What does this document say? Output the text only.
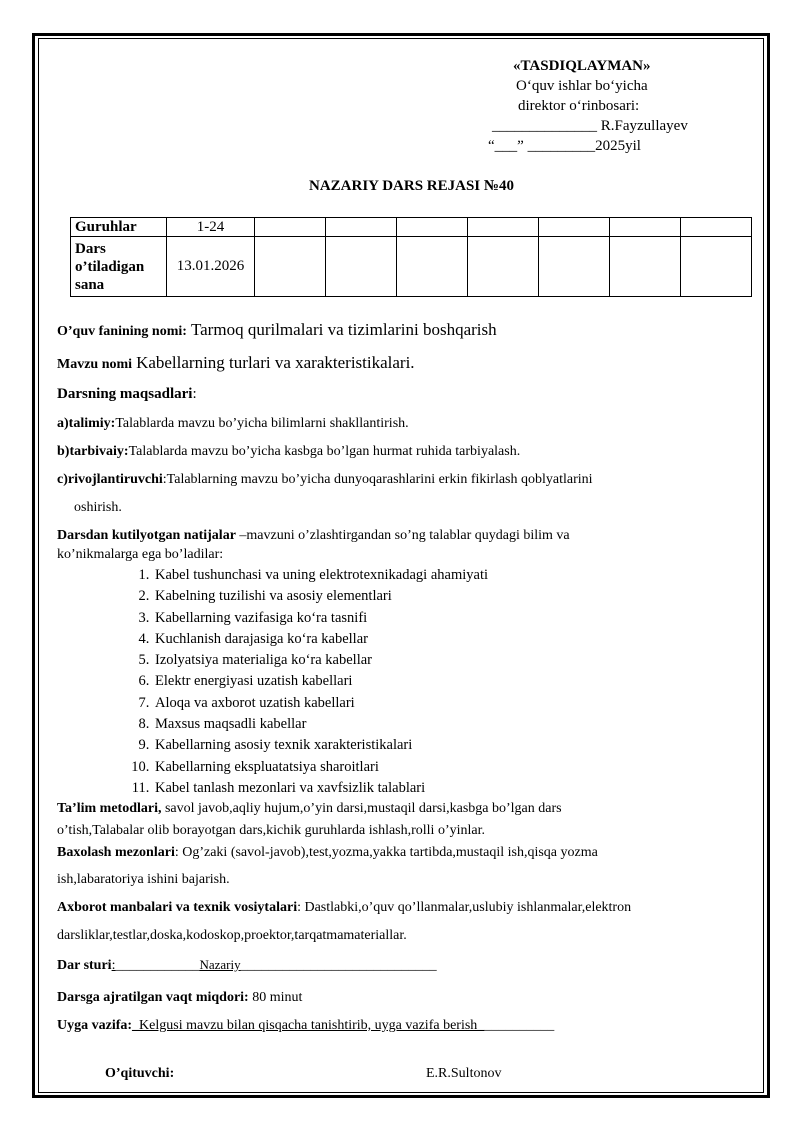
«TASDIQLAYMAN»
O‘quv ishlar bo‘yicha
direktor o‘rinbosari:
______________ R.Fayzullayev
“___” _________2025yil
NAZARIY DARS REJASI №40
Guruhlar	1-24							

Dars
o’tiladigan
sana	13.01.2026							
O’quv fanining nomi: Tarmoq qurilmalari va tizimlarini boshqarish
Mavzu nomi Kabellarning turlari va xarakteristikalari.
Darsning maqsadlari:
a)talimiy:Talablarda mavzu bo’yicha bilimlarni shakllantirish.
b)tarbivaiy:Talablarda mavzu bo’yicha kasbga bo’lgan hurmat ruhida tarbiyalash.
c)rivojlantiruvchi:Talablarning mavzu bo’yicha dunyoqarashlarini erkin fikirlash qoblyatlarini
oshirish.
Darsdan kutilyotgan natijalar –mavzuni o’zlashtirgandan so’ng talablar quydagi bilim va
ko’nikmalarga ega bo’ladilar:
1. Kabel tushunchasi va uning elektrotexnikadagi ahamiyati
2. Kabelning tuzilishi va asosiy elementlari
3. Kabellarning vazifasiga ko‘ra tasnifi
4. Kuchlanish darajasiga ko‘ra kabellar
5. Izolyatsiya materialiga ko‘ra kabellar
6. Elektr energiyasi uzatish kabellari
7. Aloqa va axborot uzatish kabellari
8. Maxsus maqsadli kabellar
9. Kabellarning asosiy texnik xarakteristikalari
10. Kabellarning ekspluatatsiya sharoitlari
11. Kabel tanlash mezonlari va xavfsizlik talablari
Ta’lim metodlari, savol javob,aqliy hujum,o’yin darsi,mustaqil darsi,kasbga bo’lgan dars
o’tish,Talabalar olib borayotgan dars,kichik guruhlarda ishlash,rolli o’yinlar.
Baxolash mezonlari: Og’zaki (savol-javob),test,yozma,yakka tartibda,mustaqil ish,qisqa yozma
ish,labaratoriya ishini bajarish.
Axborot manbalari va texnik vosiytalari: Dastlabki,o’quv qo’llanmalar,uslubiy ishlanmalar,elektron
darsliklar,testlar,doska,kodoskop,proektor,tarqatmamateriallar.
Dar sturi:____________Nazariy____________________________
Darsga ajratilgan vaqt miqdori: 80 minut
Uyga vazifa:_Kelgusi mavzu bilan qisqacha tanishtirib, uyga vazifa berish___________
O’qituvchi:	E.R.Sultonov
